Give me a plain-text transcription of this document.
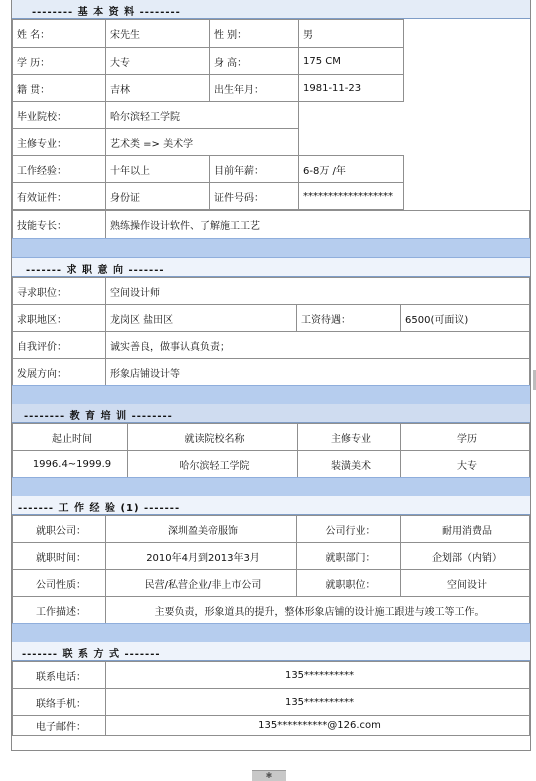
-------- 基 本 资 料 --------
姓 名：	宋先生	性 别：	男
学 历：	大专	身 高：	175 CM
籍 贯：	吉林	出生年月：	1981-11-23
毕业院校：	哈尔滨轻工学院		
主修专业：	艺术类 => 美术学		
工作经验：	十年以上	目前年薪：	6-8万 /年
有效证件：	身份证	证件号码：	******************
技能专长：	熟练操作设计软件、了解施工工艺
------- 求 职 意 向 -------
寻求职位：	空间设计师		
求职地区：	龙岗区 盐田区	工资待遇：	6500(可面议)
自我评价：	诚实善良，做事认真负责；		
发展方向：	形象店铺设计等		
-------- 教 育 培 训 --------
起止时间	就读院校名称	主修专业	学历
1996.4~1999.9	哈尔滨轻工学院	装潢美术	大专
------- 工 作 经 验 (1) -------
就职公司：	深圳盈美帝服饰	公司行业：	耐用消费品
就职时间：	2010年4月到2013年3月	就职部门：	企划部（内销）
公司性质：	民营/私营企业/非上市公司	就职职位：	空间设计
工作描述：	主要负责，形象道具的提升，整体形象店铺的设计施工跟进与竣工等工作。		
------- 联 系 方 式 -------
联系电话：	135**********
联络手机：	135**********
电子邮件：	135**********@126.com
✱
